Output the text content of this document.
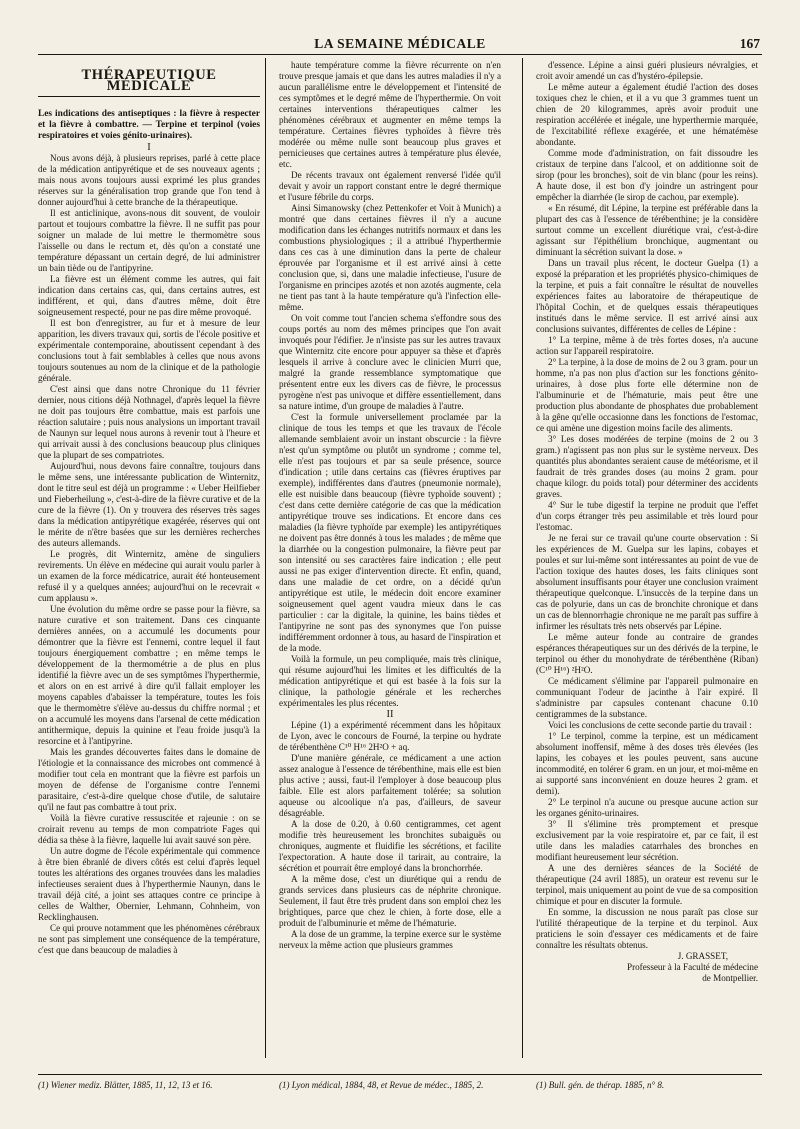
LA SEMAINE MÉDICALE	167
THÉRAPEUTIQUE MÉDICALE

Les indications des antiseptiques : la fièvre à respecter et la fièvre à combattre. — Terpine et terpinol (voies respiratoires et voies génito-urinaires).

I

Nous avons déjà, à plusieurs reprises, parlé à cette place de la médication antipyrétique et de ses nouveaux agents ; mais nous avons toujours aussi exprimé les plus grandes réserves sur la généralisation trop grande que l'on tend à donner aujourd'hui à cette branche de la thérapeutique.

Il est anticlinique, avons-nous dit souvent, de vouloir partout et toujours combattre la fièvre. Il ne suffit pas pour soigner un malade de lui mettre le thermomètre sous l'aisselle ou dans le rectum et, dès qu'on a constaté une température dépassant un certain degré, de lui administrer un bain tiède ou de l'antipyrine.

La fièvre est un élément comme les autres, qui fait indication dans certains cas, qui, dans certains autres, est indifférent, et qui, dans d'autres même, doit être soigneusement respecté, pour ne pas dire même provoqué.

Il est bon d'enregistrer, au fur et à mesure de leur apparition, les divers travaux qui, sortis de l'école positive et expérimentale contemporaine, aboutissent cependant à des conclusions tout à fait semblables à celles que nous avons toujours soutenues au nom de la clinique et de la pathologie générale.

C'est ainsi que dans notre Chronique du 11 février dernier, nous citions déjà Nothnagel, d'après lequel la fièvre ne doit pas toujours être combattue, mais est parfois une réaction salutaire ; puis nous analysions un important travail de Naunyn sur lequel nous aurons à revenir tout à l'heure et qui arrivait aussi à des conclusions beaucoup plus cliniques que la plupart de ses compatriotes.

Aujourd'hui, nous devons faire connaître, toujours dans le même sens, une intéressante publication de Winternitz, dont le titre seul est déjà un programme : « Ueber Heilfieber und Fieberheilung », c'est-à-dire de la fièvre curative et de la cure de la fièvre (1). On y trouvera des réserves très sages dans la médication antipyrétique exagérée, réserves qui ont le mérite de n'être basées que sur les dernières recherches des auteurs allemands.

Le progrès, dit Winternitz, amène de singuliers revirements. Un élève en médecine qui aurait voulu parler à un examen de la force médicatrice, aurait été honteusement refusé il y a quelques années; aujourd'hui on le recevrait « cum applausu ».

Une évolution du même ordre se passe pour la fièvre, sa nature curative et son traitement. Dans ces cinquante dernières années, on a accumulé les documents pour démontrer que la fièvre est l'ennemi, contre lequel il faut toujours énergiquement combattre ; en même temps le développement de la thermométrie a de plus en plus identifié la fièvre avec un de ses symptômes l'hyperthermie, et alors on en est arrivé à dire qu'il fallait employer les moyens capables d'abaisser la température, toutes les fois que le thermomètre s'élève au-dessus du chiffre normal ; et on a accumulé les moyens dans l'arsenal de cette médication antithermique, depuis la quinine et l'eau froide jusqu'à la resorcine et à l'antipyrine.

Mais les grandes découvertes faites dans le domaine de l'étiologie et la connaissance des microbes ont commencé à modifier tout cela en montrant que la fièvre est parfois un moyen de défense de l'organisme contre l'ennemi parasitaire, c'est-à-dire quelque chose d'utile, de salutaire qu'il ne faut pas combattre à tout prix.

Voilà la fièvre curative ressuscitée et rajeunie : on se croirait revenu au temps de mon compatriote Fages qui dédia sa thèse à la fièvre, laquelle lui avait sauvé son père.

Un autre dogme de l'école expérimentale qui commence à être bien ébranlé de divers côtés est celui d'après lequel toutes les altérations des organes trouvées dans les maladies infectieuses seraient dues à l'hyperthermie Naunyn, dans le travail déjà cité, a joint ses attaques contre ce principe à celles de Walther, Obernier, Lehmann, Cohnheim, von Recklinghausen.

Ce qui prouve notamment que les phénomènes cérébraux ne sont pas simplement une conséquence de la température, c'est que dans beaucoup de maladies à

haute température comme la fièvre récurrente on n'en trouve presque jamais et que dans les autres maladies il n'y a aucun parallélisme entre le développement et l'intensité de ces symptômes et le degré même de l'hyperthermie. On voit certaines interventions thérapeutiques calmer les phénomènes cérébraux et augmenter en même temps la température. Certaines fièvres typhoïdes à fièvre très modérée ou même nulle sont beaucoup plus graves et pernicieuses que certaines autres à température plus élevée, etc.

De récents travaux ont également renversé l'idée qu'il devait y avoir un rapport constant entre le degré thermique et l'usure fébrile du corps.

Ainsi Simanowsky (chez Pettenkofer et Voit à Munich) a montré que dans certaines fièvres il n'y a aucune modification dans les échanges nutritifs normaux et dans les combustions physiologiques ; il a attribué l'hyperthermie dans ces cas à une diminution dans la perte de chaleur éprouvée par l'organisme et il est arrivé ainsi à cette conclusion que, si, dans une maladie infectieuse, l'usure de l'organisme en principes azotés et non azotés augmente, cela ne tient pas tant à la haute température qu'à l'infection elle-même.

On voit comme tout l'ancien schema s'effondre sous des coups portés au nom des mêmes principes que l'on avait invoqués pour l'édifier. Je n'insiste pas sur les autres travaux que Winternitz cite encore pour appuyer sa thèse et d'après lesquels il arrive à conclure avec le clinicien Murri que, malgré la grande ressemblance symptomatique que présentent entre eux les divers cas de fièvre, le processus pyrogène n'est pas univoque et diffère essentiellement, dans sa nature intime, d'un groupe de maladies à l'autre.

C'est la formule universellement proclamée par la clinique de tous les temps et que les travaux de l'école allemande semblaient avoir un instant obscurcie : la fièvre n'est qu'un symptôme ou plutôt un syndrome ; comme tel, elle n'est pas toujours et par sa seule présence, source d'indication ; utile dans certains cas (fièvres éruptives par exemple), indifférentes dans d'autres (pneumonie normale), elle est nuisible dans beaucoup (fièvre typhoïde souvent) ; c'est dans cette dernière catégorie de cas que la médication antipyrétique trouve ses indications. Et encore dans ces maladies (la fièvre typhoïde par exemple) les antipyrétiques ne doivent pas être donnés à tous les malades ; de même que la diarrhée ou la congestion pulmonaire, la fièvre peut par son intensité ou ses caractères faire indication ; elle peut aussi ne pas exiger d'intervention directe. Et enfin, quand, dans une maladie de cet ordre, on a décidé qu'un antipyrétique est utile, le médecin doit encore examiner soigneusement quel agent vaudra mieux dans le cas particulier : car la digitale, la quinine, les bains tièdes et l'antipyrine ne sont pas des synonymes que l'on puisse indifféremment ordonner à tous, au hasard de l'inspiration et de la mode.

Voilà la formule, un peu compliquée, mais très clinique, qui résume aujourd'hui les limites et les difficultés de la médication antipyrétique et qui est basée à la fois sur la clinique, la pathologie générale et les recherches expérimentales les plus récentes.

II

Lépine (1) a expérimenté récemment dans les hôpitaux de Lyon, avec le concours de Fourné, la terpine ou hydrate de térébenthène C¹⁰ H¹⁶ 2H²O + aq.

D'une manière générale, ce médicament a une action assez analogue à l'essence de térébenthine, mais elle est bien plus active ; aussi, faut-il l'employer à dose beaucoup plus faible. Elle est alors parfaitement tolérée; sa solution aqueuse ou alcoolique n'a pas, d'ailleurs, de saveur désagréable.

A la dose de 0.20, à 0.60 centigrammes, cet agent modifie très heureusement les bronchites subaiguës ou chroniques, augmente et fluidifie les sécrétions, et facilite l'expectoration. A haute dose il tarirait, au contraire, la sécrétion et pourrait être employé dans la bronchorrhée.

A la même dose, c'est un diurétique qui a rendu de grands services dans plusieurs cas de néphrite chronique. Seulement, il faut être très prudent dans son emploi chez les brightiques, parce que chez le chien, à forte dose, elle a produit de l'albuminurie et même de l'hématurie.

A la dose de un gramme, la terpine exerce sur le système nerveux la même action que plusieurs grammes

d'essence. Lépine a ainsi guéri plusieurs névralgies, et croit avoir amendé un cas d'hystéro-épilepsie.

Le même auteur a également étudié l'action des doses toxiques chez le chien, et il a vu que 3 grammes tuent un chien de 20 kilogrammes, après avoir produit une respiration accélérée et inégale, une hyperthermie marquée, de l'excitabilité réflexe exagérée, et une hématémèse abondante.

Comme mode d'administration, on fait dissoudre les cristaux de terpine dans l'alcool, et on additionne soit de sirop (pour les bronches), soit de vin blanc (pour les reins). A haute dose, il est bon d'y joindre un astringent pour empêcher la diarrhée (le sirop de cachou, par exemple).

« En résumé, dit Lépine, la terpine est préférable dans la plupart des cas à l'essence de térébenthine; je la considère surtout comme un excellent diurétique vrai, c'est-à-dire agissant sur l'épithélium bronchique, augmentant ou diminuant la sécrétion suivant la dose. »

Dans un travail plus récent, le docteur Guelpa (1) a exposé la préparation et les propriétés physico-chimiques de la terpine, et puis a fait connaître le résultat de nouvelles expériences faites au laboratoire de thérapeutique de l'hôpital Cochin, et de quelques essais thérapeutiques institués dans le même service. Il est arrivé ainsi aux conclusions suivantes, différentes de celles de Lépine :

1° La terpine, même à de très fortes doses, n'a aucune action sur l'appareil respiratoire.

2° La terpine, à la dose de moins de 2 ou 3 gram. pour un homme, n'a pas non plus d'action sur les fonctions génito-urinaires, à dose plus forte elle détermine non de l'albuminurie et de l'hématurie, mais peut être une production plus abondante de phosphates due probablement à la gêne qu'elle occasionne dans les fonctions de l'estomac, ce qui amène une digestion moins facile des aliments.

3° Les doses modérées de terpine (moins de 2 ou 3 gram.) n'agissent pas non plus sur le système nerveux. Des quantités plus abondantes seraient cause de météorisme, et il faudrait de très grandes doses (au moins 2 gram. pour chaque kilogr. du poids total) pour déterminer des accidents graves.

4° Sur le tube digestif la terpine ne produit que l'effet d'un corps étranger très peu assimilable et très lourd pour l'estomac.

Je ne ferai sur ce travail qu'une courte observation : Si les expériences de M. Guelpa sur les lapins, cobayes et poules et sur lui-même sont intéressantes au point de vue de l'action toxique des hautes doses, les faits cliniques sont absolument insuffisants pour étayer une conclusion vraiment thérapeutique quelconque. L'insuccès de la terpine dans un cas de polyurie, dans un cas de bronchite chronique et dans un cas de blennorrhagie chronique ne me paraît pas suffire à infirmer les résultats très nets observés par Lépine.

Le même auteur fonde au contraire de grandes espérances thérapeutiques sur un des dérivés de la terpine, le terpinol ou éther du monohydrate de térébenthène (Riban) (C¹⁰ H¹⁶) ²H²O.

Ce médicament s'élimine par l'appareil pulmonaire en communiquant l'odeur de jacinthe à l'air expiré. Il s'administre par capsules contenant chacune 0.10 centigrammes de la substance.

Voici les conclusions de cette seconde partie du travail :

1° Le terpinol, comme la terpine, est un médicament absolument inoffensif, même à des doses très élevées (les lapins, les cobayes et les poules peuvent, sans aucune incommodité, en tolérer 6 gram. en un jour, et moi-même en ai supporté sans inconvénient en douze heures 2 gram. et demi).

2° Le terpinol n'a aucune ou presque aucune action sur les organes génito-urinaires.

3° Il s'élimine très promptement et presque exclusivement par la voie respiratoire et, par ce fait, il est utile dans les maladies catarrhales des bronches en modifiant heureusement leur sécrétion.

A une des dernières séances de la Société de thérapeutique (24 avril 1885), un orateur est revenu sur le terpinol, mais uniquement au point de vue de sa composition chimique et pour en discuter la formule.

En somme, la discussion ne nous paraît pas close sur l'utilité thérapeutique de la terpine et du terpinol. Aux praticiens le soin d'essayer ces médicaments et de faire connaître les résultats obtenus.

J. GRASSET,

Professeur à la Faculté de médecine

de Montpellier.

(1) Wiener mediz. Blätter, 1885, 11, 12, 13 et 16.	(1) Lyon médical, 1884, 48, et Revue de médec., 1885, 2.	(1) Bull. gén. de thérap. 1885, n° 8.
